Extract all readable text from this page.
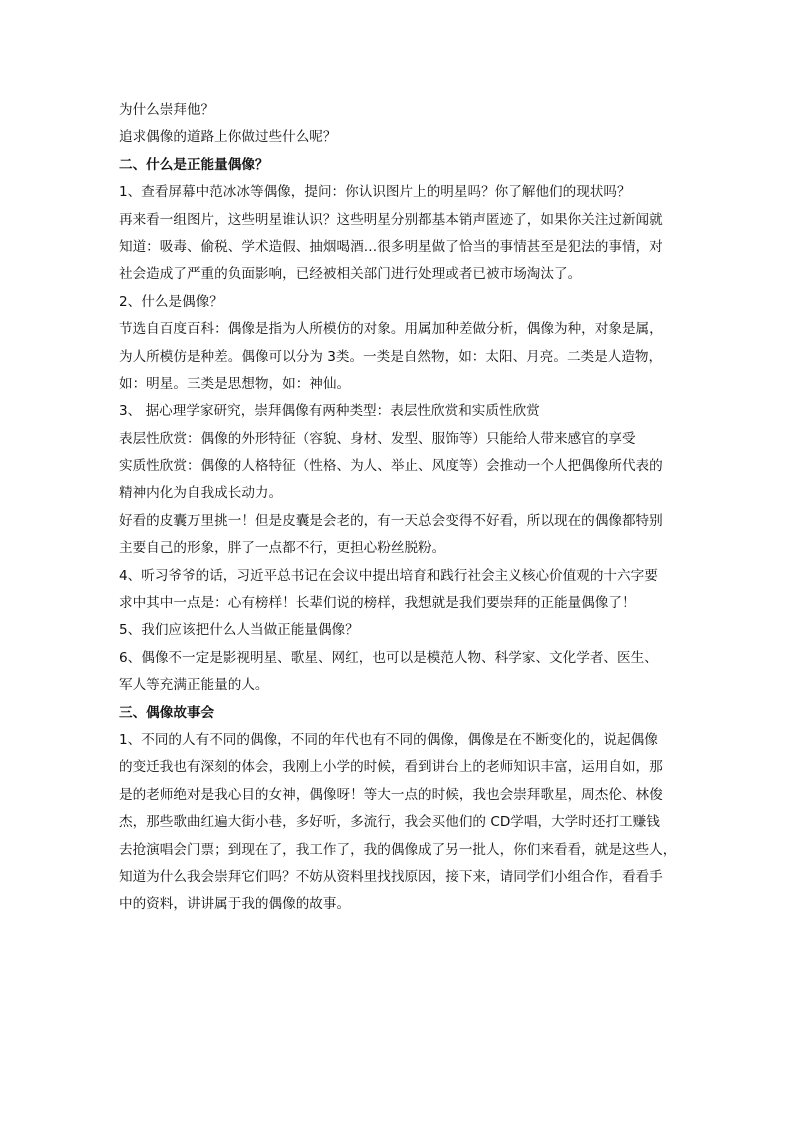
为什么崇拜他？

追求偶像的道路上你做过些什么呢？

二、什么是正能量偶像？

1、查看屏幕中范冰冰等偶像，提问：你认识图片上的明星吗？你了解他们的现状吗？

再来看一组图片，这些明星谁认识？这些明星分别都基本销声匿迹了，如果你关注过新闻就

知道：吸毒、偷税、学术造假、抽烟喝酒…很多明星做了恰当的事情甚至是犯法的事情，对

社会造成了严重的负面影响，已经被相关部门进行处理或者已被市场淘汰了。

2、什么是偶像？

节选自百度百科：偶像是指为人所模仿的对象。用属加种差做分析，偶像为种，对象是属，

为人所模仿是种差。偶像可以分为 3类。一类是自然物，如：太阳、月亮。二类是人造物，

如：明星。三类是思想物，如：神仙。

3、 据心理学家研究，崇拜偶像有两种类型：表层性欣赏和实质性欣赏

表层性欣赏：偶像的外形特征（容貌、身材、发型、服饰等）只能给人带来感官的享受

实质性欣赏：偶像的人格特征（性格、为人、举止、风度等）会推动一个人把偶像所代表的

精神内化为自我成长动力。

好看的皮囊万里挑一！但是皮囊是会老的，有一天总会变得不好看，所以现在的偶像都特别

主要自己的形象，胖了一点都不行，更担心粉丝脱粉。

4、听习爷爷的话，习近平总书记在会议中提出培育和践行社会主义核心价值观的十六字要

求中其中一点是：心有榜样！长辈们说的榜样，我想就是我们要崇拜的正能量偶像了！

5、我们应该把什么人当做正能量偶像？

6、偶像不一定是影视明星、歌星、网红，也可以是模范人物、科学家、文化学者、医生、

军人等充满正能量的人。

三、偶像故事会

1、不同的人有不同的偶像，不同的年代也有不同的偶像，偶像是在不断变化的，说起偶像

的变迁我也有深刻的体会，我刚上小学的时候，看到讲台上的老师知识丰富，运用自如，那

是的老师绝对是我心目的女神，偶像呀！等大一点的时候，我也会崇拜歌星，周杰伦、林俊

杰，那些歌曲红遍大街小巷，多好听，多流行，我会买他们的 CD学唱，大学时还打工赚钱

去抢演唱会门票；到现在了，我工作了，我的偶像成了另一批人，你们来看看，就是这些人，

知道为什么我会崇拜它们吗？不妨从资料里找找原因，接下来，请同学们小组合作，看看手

中的资料，讲讲属于我的偶像的故事。
